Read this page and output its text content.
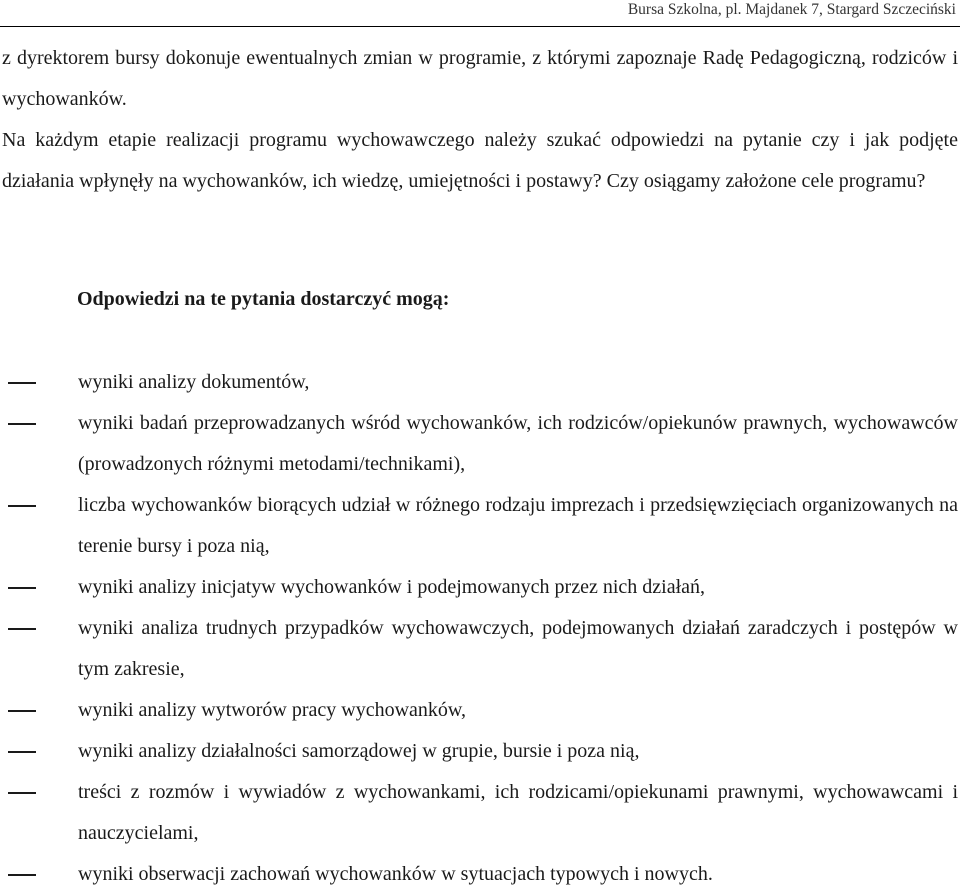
Bursa Szkolna, pl. Majdanek 7, Stargard Szczeciński
z dyrektorem bursy dokonuje ewentualnych zmian w programie, z którymi zapoznaje Radę Pedagogiczną, rodziców i wychowanków.
Na każdym etapie realizacji programu wychowawczego należy szukać odpowiedzi na pytanie czy i jak podjęte działania wpłynęły na wychowanków, ich wiedzę, umiejętności i postawy? Czy osiągamy założone cele programu?
Odpowiedzi na te pytania dostarczyć mogą:
wyniki analizy dokumentów,
wyniki badań przeprowadzanych wśród wychowanków, ich rodziców/opiekunów prawnych, wychowawców (prowadzonych różnymi metodami/technikami),
liczba wychowanków biorących udział w różnego rodzaju imprezach i przedsięwzięciach organizowanych na terenie bursy i poza nią,
wyniki analizy inicjatyw wychowanków i podejmowanych przez nich działań,
wyniki analiza trudnych przypadków wychowawczych, podejmowanych działań zaradczych i postępów w tym zakresie,
wyniki analizy wytworów pracy wychowanków,
wyniki analizy działalności samorządowej w grupie, bursie i poza nią,
treści z rozmów i wywiadów z wychowankami, ich rodzicami/opiekunami prawnymi, wychowawcami i nauczycielami,
wyniki obserwacji zachowań wychowanków w sytuacjach typowych i nowych.
